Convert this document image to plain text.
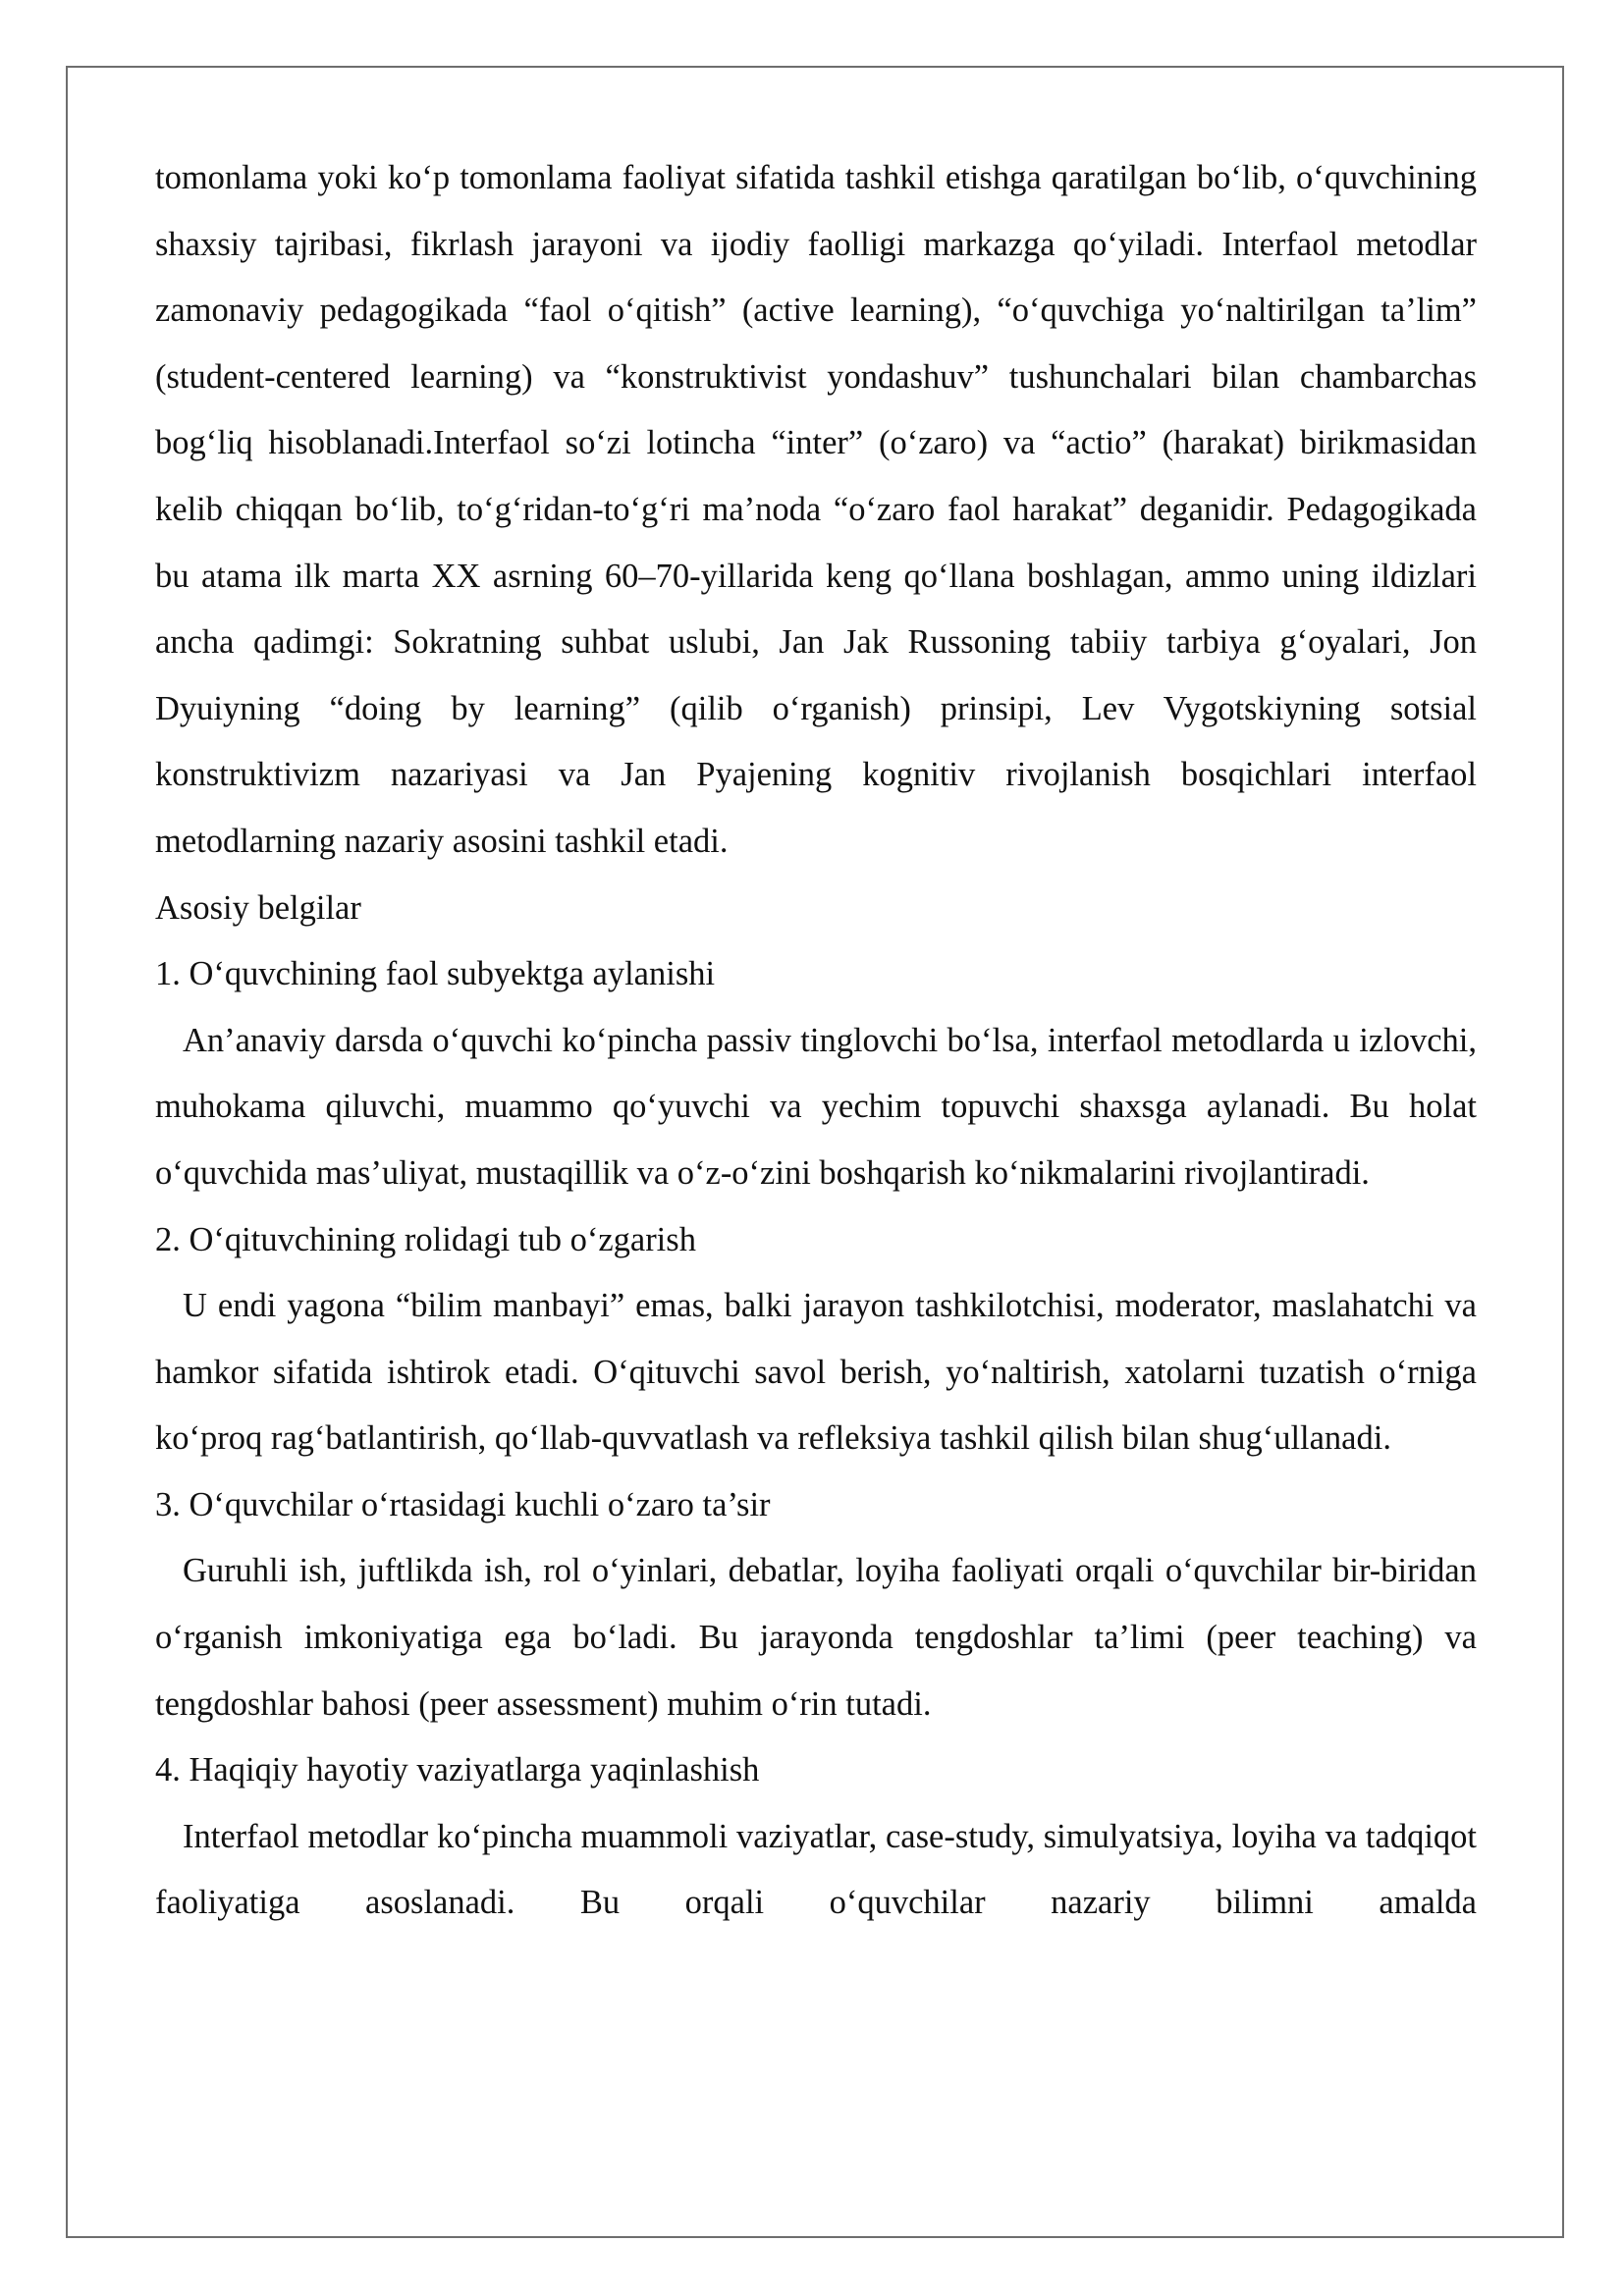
tomonlama yoki ko‘p tomonlama faoliyat sifatida tashkil etishga qaratilgan bo‘lib, o‘quvchining shaxsiy tajribasi, fikrlash jarayoni va ijodiy faolligi markazga qo‘yiladi. Interfaol metodlar zamonaviy pedagogikada “faol o‘qitish” (active learning), “o‘quvchiga yo‘naltirilgan ta’lim” (student-centered learning) va “konstruktivist yondashuv” tushunchalari bilan chambarchas bog‘liq hisoblanadi.Interfaol so‘zi lotincha “inter” (o‘zaro) va “actio” (harakat) birikmasidan kelib chiqqan bo‘lib, to‘g‘ridan-to‘g‘ri ma’noda “o‘zaro faol harakat” deganidir. Pedagogikada bu atama ilk marta XX asrning 60–70-yillarida keng qo‘llana boshlagan, ammo uning ildizlari ancha qadimgi: Sokratning suhbat uslubi, Jan Jak Russoning tabiiy tarbiya g‘oyalari, Jon Dyuiyning “doing by learning” (qilib o‘rganish) prinsipi, Lev Vygotskiyning sotsial konstruktivizm nazariyasi va Jan Pyajening kognitiv rivojlanish bosqichlari interfaol metodlarning nazariy asosini tashkil etadi.

Asosiy belgilar

1. O‘quvchining faol subyektga aylanishi

An’anaviy darsda o‘quvchi ko‘pincha passiv tinglovchi bo‘lsa, interfaol metodlarda u izlovchi, muhokama qiluvchi, muammo qo‘yuvchi va yechim topuvchi shaxsga aylanadi. Bu holat o‘quvchida mas’uliyat, mustaqillik va o‘z-o‘zini boshqarish ko‘nikmalarini rivojlantiradi.

2. O‘qituvchining rolidagi tub o‘zgarish

U endi yagona “bilim manbayi” emas, balki jarayon tashkilotchisi, moderator, maslahatchi va hamkor sifatida ishtirok etadi. O‘qituvchi savol berish, yo‘naltirish, xatolarni tuzatish o‘rniga ko‘proq rag‘batlantirish, qo‘llab-quvvatlash va refleksiya tashkil qilish bilan shug‘ullanadi.

3. O‘quvchilar o‘rtasidagi kuchli o‘zaro ta’sir

Guruhli ish, juftlikda ish, rol o‘yinlari, debatlar, loyiha faoliyati orqali o‘quvchilar bir-biridan o‘rganish imkoniyatiga ega bo‘ladi. Bu jarayonda tengdoshlar ta’limi (peer teaching) va tengdoshlar bahosi (peer assessment) muhim o‘rin tutadi.

4. Haqiqiy hayotiy vaziyatlarga yaqinlashish

Interfaol metodlar ko‘pincha muammoli vaziyatlar, case-study, simulyatsiya, loyiha va tadqiqot faoliyatiga asoslanadi. Bu orqali o‘quvchilar nazariy bilimni amalda
